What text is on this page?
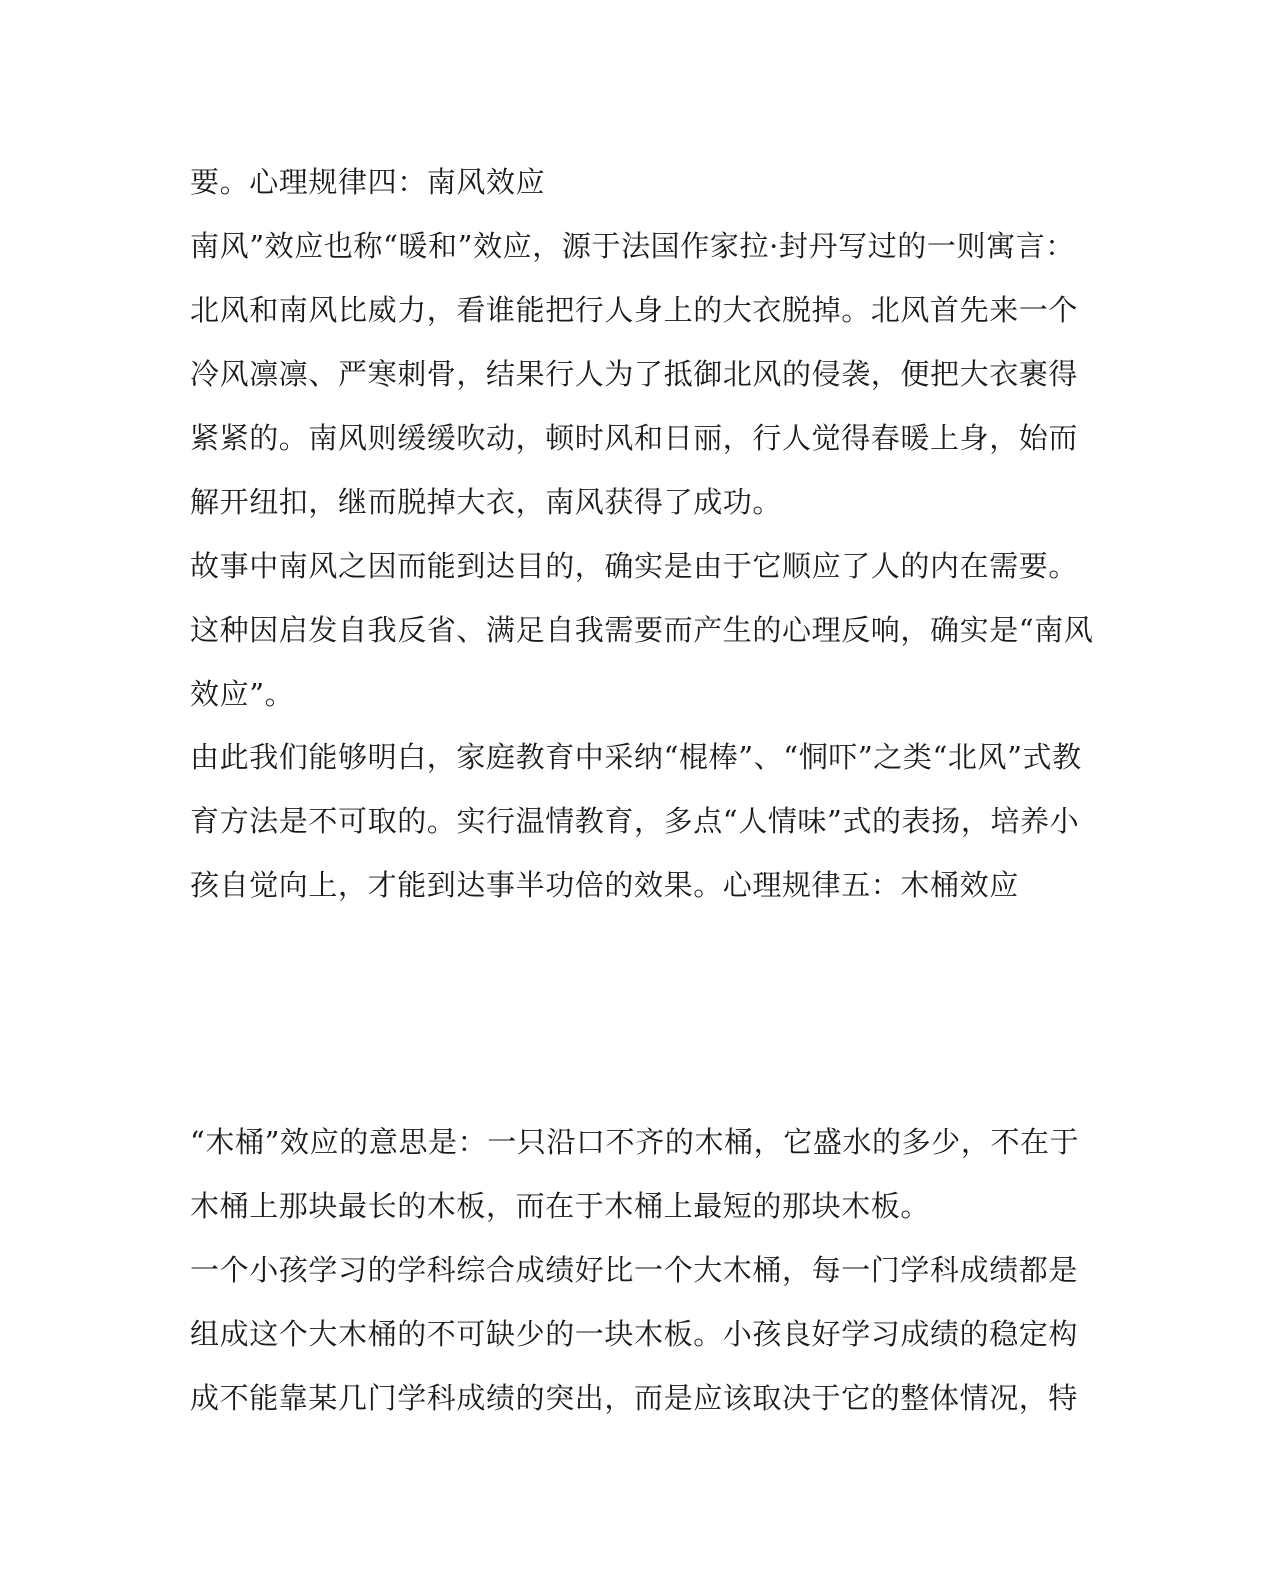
要。心理规律四：南风效应

南风”效应也称“暖和”效应，源于法国作家拉·封丹写过的一则寓言：

北风和南风比威力，看谁能把行人身上的大衣脱掉。北风首先来一个

冷风凛凛、严寒刺骨，结果行人为了抵御北风的侵袭，便把大衣裹得

紧紧的。南风则缓缓吹动，顿时风和日丽，行人觉得春暖上身，始而

解开纽扣，继而脱掉大衣，南风获得了成功。

故事中南风之因而能到达目的，确实是由于它顺应了人的内在需要。

这种因启发自我反省、满足自我需要而产生的心理反响，确实是“南风

效应”。

由此我们能够明白，家庭教育中采纳“棍棒”、“恫吓”之类“北风”式教

育方法是不可取的。实行温情教育，多点“人情味”式的表扬，培养小

孩自觉向上，才能到达事半功倍的效果。心理规律五：木桶效应

“木桶”效应的意思是：一只沿口不齐的木桶，它盛水的多少，不在于

木桶上那块最长的木板，而在于木桶上最短的那块木板。

一个小孩学习的学科综合成绩好比一个大木桶，每一门学科成绩都是

组成这个大木桶的不可缺少的一块木板。小孩良好学习成绩的稳定构

成不能靠某几门学科成绩的突出，而是应该取决于它的整体情况，特
